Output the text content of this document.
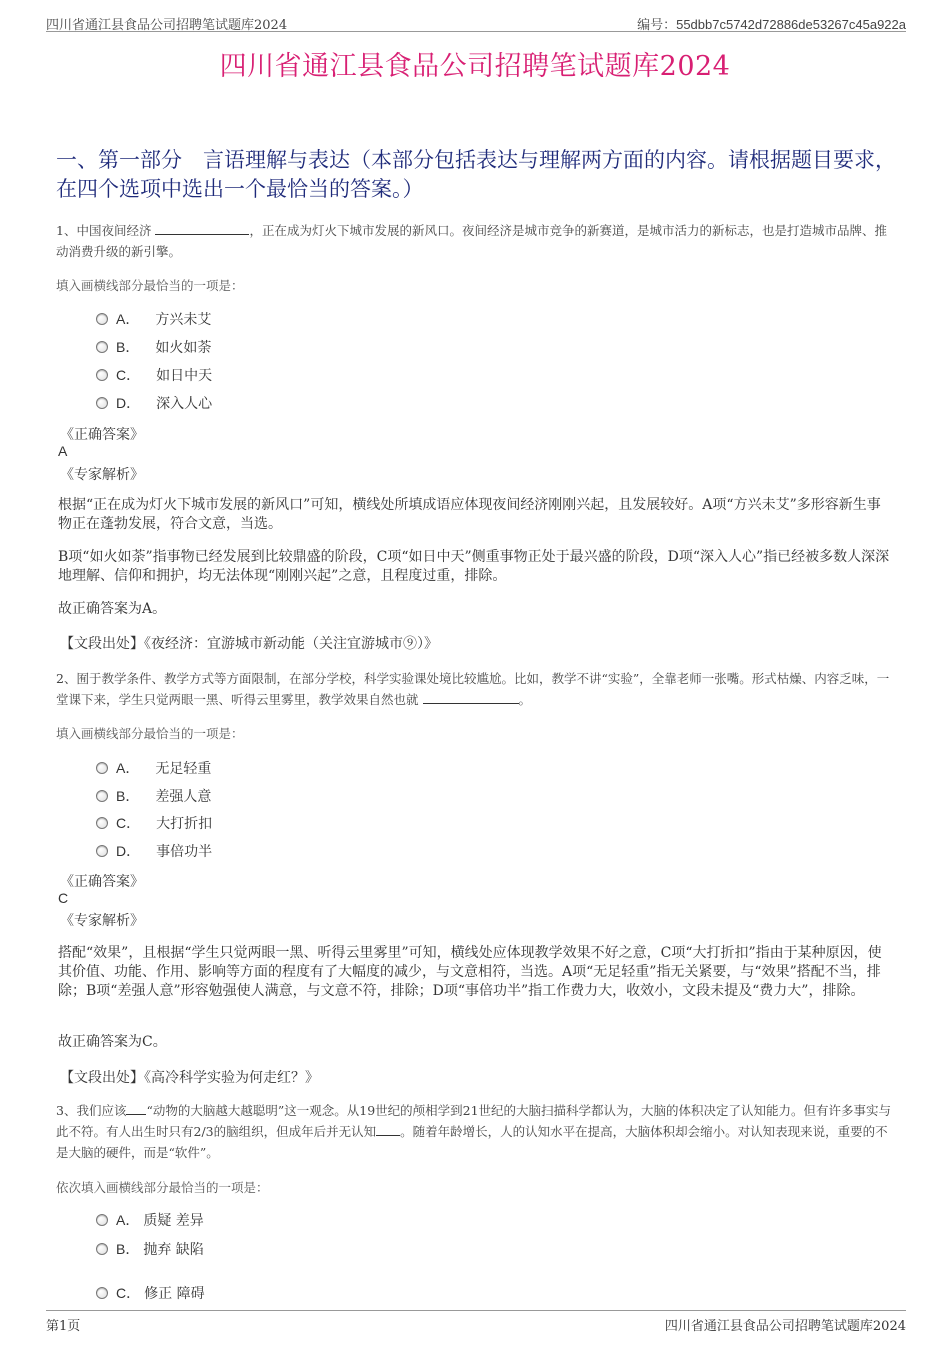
四川省通江县食品公司招聘笔试题库2024	编号：55dbb7c5742d72886de53267c45a922a
四川省通江县食品公司招聘笔试题库2024
一、第一部分　言语理解与表达（本部分包括表达与理解两方面的内容。请根据题目要求，在四个选项中选出一个最恰当的答案。）
1、中国夜间经济	，正在成为灯火下城市发展的新风口。夜间经济是城市竞争的新赛道，是城市活力的新标志，也是打造城市品牌、推动消费升级的新引擎。
填入画横线部分最恰当的一项是：
A． 方兴未艾
B． 如火如荼
C． 如日中天
D． 深入人心
《正确答案》
A
《专家解析》
根据“正在成为灯火下城市发展的新风口”可知，横线处所填成语应体现夜间经济刚刚兴起，且发展较好。A项“方兴未艾”多形容新生事物正在蓬勃发展，符合文意，当选。
B项“如火如荼”指事物已经发展到比较鼎盛的阶段，C项“如日中天”侧重事物正处于最兴盛的阶段，D项“深入人心”指已经被多数人深深地理解、信仰和拥护，均无法体现“刚刚兴起”之意，且程度过重，排除。
故正确答案为A。
【文段出处】《夜经济：宜游城市新动能（关注宜游城市⑨）》
2、囿于教学条件、教学方式等方面限制，在部分学校，科学实验课处境比较尴尬。比如，教学不讲“实验”，全靠老师一张嘴。形式枯燥、内容乏味，一堂课下来，学生只觉两眼一黑、听得云里雾里，教学效果自然也就	。
填入画横线部分最恰当的一项是：
A． 无足轻重
B． 差强人意
C． 大打折扣
D． 事倍功半
《正确答案》
C
《专家解析》
搭配“效果”，且根据“学生只觉两眼一黑、听得云里雾里”可知，横线处应体现教学效果不好之意，C项“大打折扣”指由于某种原因，使其价值、功能、作用、影响等方面的程度有了大幅度的减少，与文意相符，当选。A项“无足轻重”指无关紧要，与“效果”搭配不当，排除；B项“差强人意”形容勉强使人满意，与文意不符，排除；D项“事倍功半”指工作费力大，收效小，文段未提及“费力大”，排除。
故正确答案为C。
【文段出处】《高冷科学实验为何走红？》
3、我们应该 “动物的大脑越大越聪明”这一观念。从19世纪的颅相学到21世纪的大脑扫描科学都认为，大脑的体积决定了认知能力。但有许多事实与此不符。有人出生时只有2/3的脑组织，但成年后并无认知 。随着年龄增长，人的认知水平在提高，大脑体积却会缩小。对认知表现来说，重要的不是大脑的硬件，而是“软件”。
依次填入画横线部分最恰当的一项是：
A． 质疑 差异
B． 抛弃 缺陷
C． 修正 障碍
第1页	四川省通江县食品公司招聘笔试题库2024
